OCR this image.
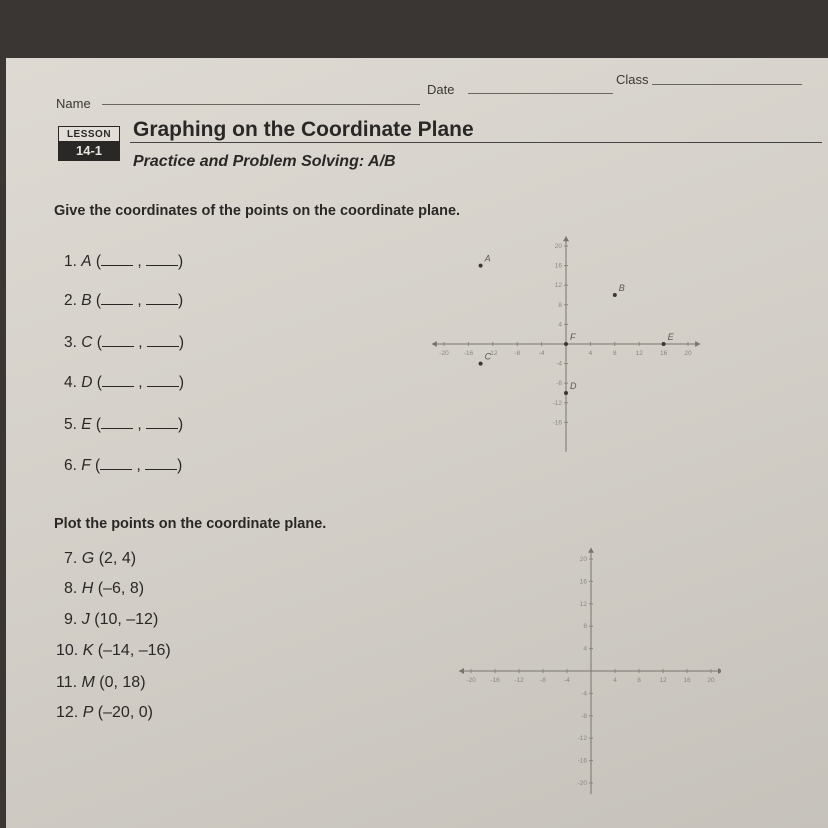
Class
Date
Name
LESSON
14-1
Graphing on the Coordinate Plane
Practice and Problem Solving: A/B
Give the coordinates of the points on the coordinate plane.
1. A ( , )
2. B ( , )
3. C ( , )
4. D ( , )
5. E ( , )
6. F ( , )
-20 -16 -12	-8	-4	4	8	12	16	20
20
16
12
8
4
-4
-8
-12
-16
A
B
C
D
E
F
Plot the points on the coordinate plane.
7. G (2, 4)
8. H (–6, 8)
9. J (10, –12)
10. K (–14, –16)
11. M (0, 18)
12. P (–20, 0)
-20 -16 -12	-8	-4	4	8	12	16	20
20
16
12
8
4
-4
-8
-12
-16
-20
